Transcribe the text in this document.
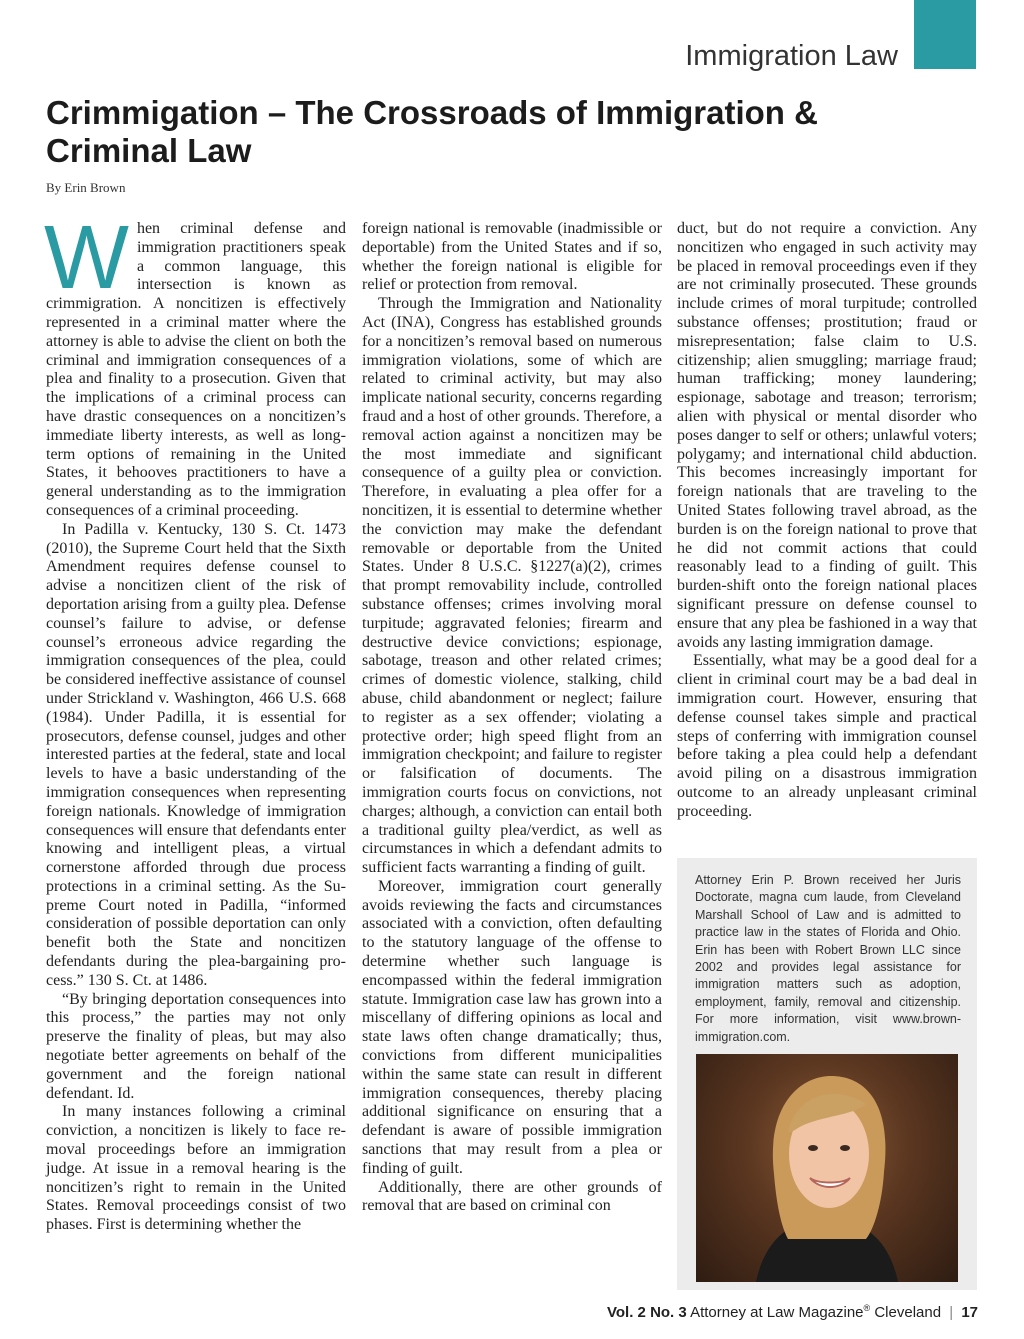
Immigration Law
Crimmigation – The Crossroads of Immigration & Criminal Law
By Erin Brown

When criminal defense and immigration practitioners speak a common language, this intersection is known as crimmigration. A noncitizen is effectively represented in a criminal matter where the attorney is able to advise the client on both the criminal and immigration consequences of a plea and finality to a prosecution. Given that the implications of a criminal process can have drastic consequences on a noncitizen’s immediate liberty interests, as well as long-term options of remaining in the United States, it behooves practitioners to have a general understanding as to the immigration consequences of a criminal proceeding.

In Padilla v. Kentucky, 130 S. Ct. 1473 (2010), the Supreme Court held that the Sixth Amendment requires defense counsel to advise a noncitizen client of the risk of deportation arising from a guilty plea. Defense counsel’s failure to advise, or defense counsel’s erroneous advice regarding the immigration consequences of the plea, could be considered ineffective assistance of counsel under Strickland v. Washington, 466 U.S. 668 (1984). Under Padilla, it is essential for prosecutors, defense counsel, judges and other interested parties at the federal, state and local levels to have a basic understanding of the immigration consequences when representing foreign nationals. Knowledge of immigration consequences will ensure that defendants enter knowing and intelligent pleas, a virtual cornerstone afforded through due process protections in a criminal setting. As the Supreme Court noted in Padilla, “informed consideration of possible deportation can only benefit both the State and noncitizen defendants during the plea-bargaining process.” 130 S. Ct. at 1486.

“By bringing deportation consequences into this process,” the parties may not only preserve the finality of pleas, but may also negotiate better agreements on behalf of the government and the foreign national defendant. Id.

In many instances following a criminal conviction, a noncitizen is likely to face removal proceedings before an immigration judge. At issue in a removal hearing is the noncitizen’s right to remain in the United States. Removal proceedings consist of two phases. First is determining whether the

foreign national is removable (inadmissible or deportable) from the United States and if so, whether the foreign national is eligible for relief or protection from removal.

Through the Immigration and Nationality Act (INA), Congress has established grounds for a noncitizen’s removal based on numerous immigration violations, some of which are related to criminal activity, but may also implicate national security, concerns regarding fraud and a host of other grounds. Therefore, a removal action against a noncitizen may be the most immediate and significant consequence of a guilty plea or conviction. Therefore, in evaluating a plea offer for a noncitizen, it is essential to determine whether the conviction may make the defendant removable or deportable from the United States. Under 8 U.S.C. §1227(a)(2), crimes that prompt removability include, controlled substance offenses; crimes involving moral turpitude; aggravated felonies; firearm and destructive device convictions; espionage, sabotage, treason and other related crimes; crimes of domestic violence, stalking, child abuse, child abandonment or neglect; failure to register as a sex offender; violating a protective order; high speed flight from an immigration checkpoint; and failure to register or falsification of documents. The immigration courts focus on convictions, not charges; although, a conviction can entail both a traditional guilty plea/verdict, as well as circumstances in which a defendant admits to sufficient facts warranting a finding of guilt.

Moreover, immigration court generally avoids reviewing the facts and circumstances associated with a conviction, often defaulting to the statutory language of the offense to determine whether such language is encompassed within the federal immigration statute. Immigration case law has grown into a miscellany of differing opinions as local and state laws often change dramatically; thus, convictions from different municipalities within the same state can result in different immigration consequences, thereby placing additional significance on ensuring that a defendant is aware of possible immigration sanctions that may result from a plea or finding of guilt.

Additionally, there are other grounds of removal that are based on criminal con

duct, but do not require a conviction. Any noncitizen who engaged in such activity may be placed in removal proceedings even if they are not criminally prosecuted. These grounds include crimes of moral turpitude; controlled substance offenses; prostitution; fraud or misrepresentation; false claim to U.S. citizenship; alien smuggling; marriage fraud; human trafficking; money laundering; espionage, sabotage and treason; terrorism; alien with physical or mental disorder who poses danger to self or others; unlawful voters; polygamy; and international child abduction. This becomes increasingly important for foreign nationals that are traveling to the United States following travel abroad, as the burden is on the foreign national to prove that he did not commit actions that could reasonably lead to a finding of guilt. This burden-shift onto the foreign national places significant pressure on defense counsel to ensure that any plea be fashioned in a way that avoids any lasting immigration damage.

Essentially, what may be a good deal for a client in criminal court may be a bad deal in immigration court. However, ensuring that defense counsel takes simple and practical steps of conferring with immigration counsel before taking a plea could help a defendant avoid piling on a disastrous immigration outcome to an already unpleasant criminal proceeding.

Attorney Erin P. Brown received her Juris Doctorate, magna cum laude, from Cleveland Marshall School of Law and is admitted to practice law in the states of Florida and Ohio. Erin has been with Robert Brown LLC since 2002 and provides legal assistance for immigration matters such as adoption, employment, family, removal and citizenship. For more information, visit www.brown-immigration.com.
Vol. 2 No. 3 Attorney at Law Magazine® Cleveland | 17
